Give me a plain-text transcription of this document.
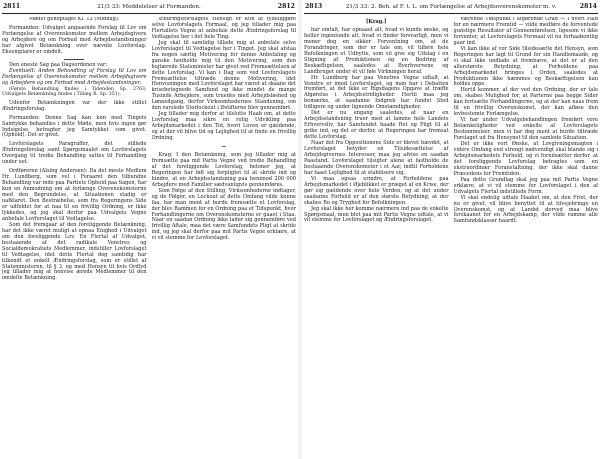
2811	21/3 33: Meddelelser af Formanden.	2812

Mødet genoptaget Kl. 12 (Middag).

Formanden: Udvalget angaaende Forslag til Lov om Forlængelse af Overenskomster mellem Arbejdsgivere og Arbejdere og om Forbud mod Arbejdsstandsninger har afgivet Betænkning over nævnte Lovforslag. Eksemplarer er omdelt.

Den eneste Sag paa Dagsordenen var:

Eventuelt: Anden Behandling af Forslag til Lov om Forlængelse af Overenskomster mellem Arbejdsgivere og Arbejdere og om Forbud mod Arbejdsstandsninger.

(Første Behandling findes i Tidenden Sp. 2763; Udvalgets Betænkning findes i Tillæg B. Sp. 351).

Udenfor Betænkningen var der ikke stillet Ændringsforslag.

Formanden: Denne Sag kan kun med Tingets Samtykke behandles i dette Møde, men hvis ingen gør Indsigelse, betragter jeg Samtykket som givet. (Ophold). Det er givet.

Lovforslagets Paragraffer, det stillede Ændringsforslag samt Spørgsmaalet om Lovforslagets Overgang til tredie Behandling sattes til Forhandling under eet.

Ordføreren (Alsing Andersen): Da det meste Medlem Hr. Lundberg, som vel i Foraaret den tilbundne Behandling var inde paa Partiets Ophold paa Sagen, har kun en Anmodning om at forlænge Overenskomsterne med den Begrundelse, at Situationen stadig er uafklaret. Den Bestræbelse, som fra Regeringens Side er udfoldet for at naa til en frivillig Ordning, er ikke lykkedes, og jeg skal derfor paa Udvalgets Vegne anbefale Lovforslaget til Vedtagelse.

Som det fremgaar af den foreliggende Betænkning, har det ikke været muligt at opnaa Enighed i Udvalget om den foreliggende Lov. En Flertal af Udvalget, bestaaende af det radikale Venstres og Socialdemokratiets Medlemmer, indstiller Lovforslaget til Vedtagelse, idet dette Flertal dog samtidig har tilkendt et enkelt Ændringsforslag, som er stillet af Statsministeren, til § 3, og med Hensyn til hvis Ordlyd jeg tillader mig at henvise ærede Medlemmer til den omdelte Betænkning.

Ændringsforslagets Hensigt er kun at tydeliggøre selve Lovforslagets Formaal, og jeg tillader mig paa Flertallets Vegne at anbefale dette Ændringsforslag til Vedtagelse her i det hele Ting.

Jeg skal til samtidig tillade mig at anbefale selve Lovforslaget til Vedtagelse her i Tinget. Jeg skal afstaa fra nogen særlig Motivering for denne Anbefaling og ganske henholde mig til den Motivering, som den hojtærede Statsminister har givet ved Fremsættelsen af dette Lovforslag. Vi kan i Dag som ved Lovforslagets Fremsættelse tiltræde denne Motivering, idet Henvisningen med Lovforslaget har været at skaane det krisebetegnede Samfund og ikke mindst de mange Tusinde Arbejdere, som truedes med Arbejdsløshed og Lønnedgang, derfor Virksomhedernes Standsning, om den varslede Storlockout i Østifterne blev gennemført.

Jeg tillader mig derfor at tilslutte Haab om, at dette Lovforslag maa sikre en rolig Udvikling paa Arbejdsmarkedet i den Tid, hvori Loven er gældende, og at der vil blive tid og Lejlighed til at finde en frivillig Ordning.

—

Krag: I den Betænkning, som jeg tillader mig at fremsætte paa mit Partis Vegne ved tredie Behandling af det foreliggende Lovforslag, betoner jeg, at Regeringen har følt sig forpligtet til at skride ind og hindre, at en Arbejdsstandsning paa henimod 200 000 Arbejdere med Familier sædvanligvis gennemføres.

Som Følge af den Stilling, Virksomhederne indtager, og de Følger, en Lockout af dette Omfang vilde kunne faa, har man ment at burde fremsætte et Lovforslag, der blev Rammen for en Ordning paa et Tidspunkt, hvor Forhandlingerne om Overenskomsterne er gaaet i Staa. Naar en saadan Ordning ikke lader sig gennemføre ved frivillig Aftale, maa det være Samfundets Pligt at skride ind, og jeg skal derfor paa mit Partis Vegne erklære, at vi vil stemme for Lovforslaget.

2813	21/3 33: 2. Beh. af F. t. L. om Forlængelse af Arbejdsoverenskomster m. v.	2814

[Krag.]

har omtalt, har opnaaet alt, hvad vi kunde ønske, og heller ingenlunde alt, hvad vi finder forsvarligt, men vi mener dog en sikker Forventning om, at de Forandringer, som der er tale om, vil tilføre hele Befolkningen et Udbytte, som vil give sig Udslag i en Stigning af Produktionen og en Bedring af Beskæftigelsen, saaledes at Byerhvervene og Landbruget under ét vil føle Virkningen heraf.

Hr. Lundberg har paa Venstres Vegne udtalt, at Venstre er imod Lovforslaget, og man har i Debatten fremført, at det ikke er Rigsdagens Opgave at træffe Afgørelse i Arbejdsstridigheder. Hertil maa jeg bemærke, at saadanne Indgreb har fundet Sted tidligere og under lignende Omstændigheder.

Det er nu engang saaledes, at naar en Arbejdsstandsning truer med at lamme hele Landets Erhvervsliv, har Samfundet baade Ret og Pligt til at gribe ind, og det er derfor, at Regeringen har fremsat dette Lovforslag.

Naar det fra Oppositionens Side er blevet hævdet, at Lovforslaget betyder en Tilsidesættelse af Arbejdsgivernes Interesser, maa jeg afvise en saadan Paastand. Lovforslaget tilsigter alene at fastholde de bestaaende Overenskomster i et Aar, indtil Forholdene har faaet Lejlighed til at stabilisere sig.

Vi maa ogsaa erindre, at Forholdene paa Arbejdsmarkedet i Øjeblikket er præget af en Krise, der gør sig gældende over hele Verden, og at det under saadanne Forhold er af den største Betydning, at der skabes Ro og Tryghed for Befolkningen.

Jeg skal ikke her komme nærmere ind paa de enkelte Spørgsmaal, men blot paa mit Partis Vegne udtale, at vi vil stemme for Lovforslaget og Ændringsforslaget.

værende Tidspunkt i afgørende Grad — i hvert Fald for en nærmere Fremtid — vilde medføre de forventede gunstige Resultater af Gennemførelsen, ligesom vi ikke forventer, at Lovforslagets Formaal vil nu forhaabentlig gaar ind.

Vi kan ikke af vor Side tilsidesætte det Hensyn, som Regeringen har lagt til Grund for sin Handlemaade, og vi skal ikke undlade at fremhæve, at det er af den allerstørste Betydning, at Forholdene paa Arbejdsmarkedet bringes i Orden, saaledes at Produktionen ikke hæmmes og Beskæftigelsen kan holdes oppe.

Hertil kommer, at der ved den Ordning, der er tale om, skabes Mulighed for, at Parterne paa begge Sider kan fortsætte Forhandlingerne, og at der kan naas frem til en frivillig Overenskomst, der kan afløse den lovbestemte Forlængelse.

Vi har under Udvalgsbehandlingen fremført vore Betænkeligheder ved enkelte af Lovforslagets Bestemmelser, men vi har dog ment at burde tiltræde Forslaget ud fra Hensynet til den samlede Situation.

Det er ikke vort Ønske, at Lovgivningsmagten i videre Omfang end strengt nødvendigt skal blande sig i Arbejdsmarkedets Forhold, og vi forudsætter derfor, at det foreliggende Lovforslag betragtes som en ekstraordinær Foranstaltning, der ikke skal danne Præcedens for Fremtiden.

Paa dette Grundlag skal jeg paa mit Partis Vegne erklære, at vi vil stemme for Lovforslaget i den af Udvalgets Flertal indstillede Form.

Vi skal endelig udtale Haabet om, at den Frist, der nu er givet, vil blive benyttet til at tilvejebringe en Overenskomst, og at Landet derved maa blive forskaanet for en Arbejdskamp, der vilde ramme alle Samfundsklasser haardt.
